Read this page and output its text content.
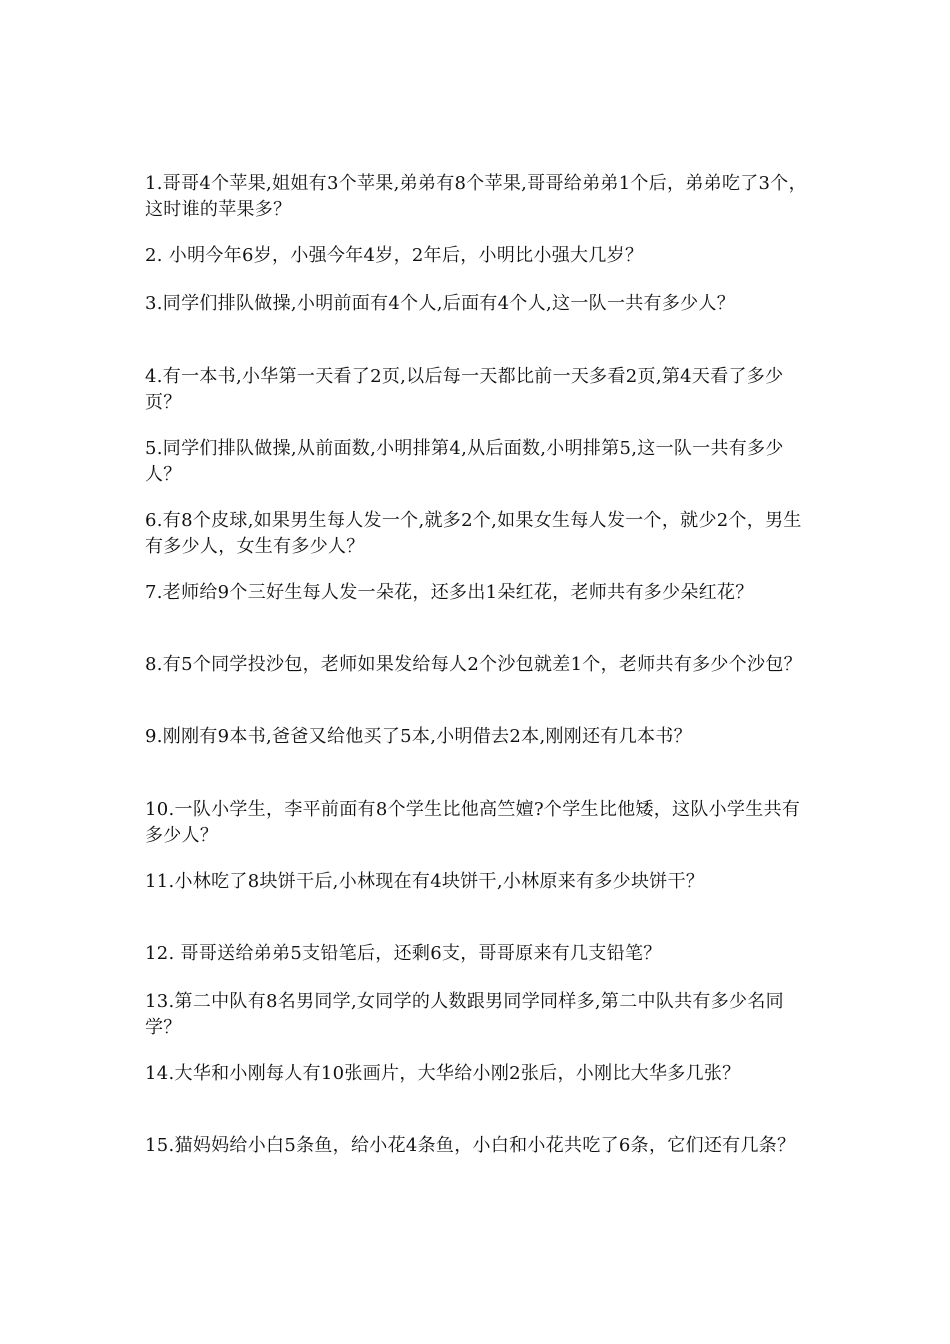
1.哥哥4个苹果,姐姐有3个苹果,弟弟有8个苹果,哥哥给弟弟1个后，弟弟吃了3个，这时谁的苹果多？

2. 小明今年6岁，小强今年4岁，2年后，小明比小强大几岁？

3.同学们排队做操,小明前面有4个人,后面有4个人,这一队一共有多少人？

4.有一本书,小华第一天看了2页,以后每一天都比前一天多看2页,第4天看了多少页？

5.同学们排队做操,从前面数,小明排第4,从后面数,小明排第5,这一队一共有多少人？

6.有8个皮球,如果男生每人发一个,就多2个,如果女生每人发一个，就少2个，男生有多少人，女生有多少人？

7.老师给9个三好生每人发一朵花，还多出1朵红花，老师共有多少朵红花？

8.有5个同学投沙包，老师如果发给每人2个沙包就差1个，老师共有多少个沙包？

9.刚刚有9本书,爸爸又给他买了5本,小明借去2本,刚刚还有几本书？

10.一队小学生，李平前面有8个学生比他高竺嬗?个学生比他矮，这队小学生共有多少人？

11.小林吃了8块饼干后,小林现在有4块饼干,小林原来有多少块饼干？

12. 哥哥送给弟弟5支铅笔后，还剩6支，哥哥原来有几支铅笔？

13.第二中队有8名男同学,女同学的人数跟男同学同样多,第二中队共有多少名同学？

14.大华和小刚每人有10张画片，大华给小刚2张后，小刚比大华多几张？

15.猫妈妈给小白5条鱼，给小花4条鱼，小白和小花共吃了6条，它们还有几条？
